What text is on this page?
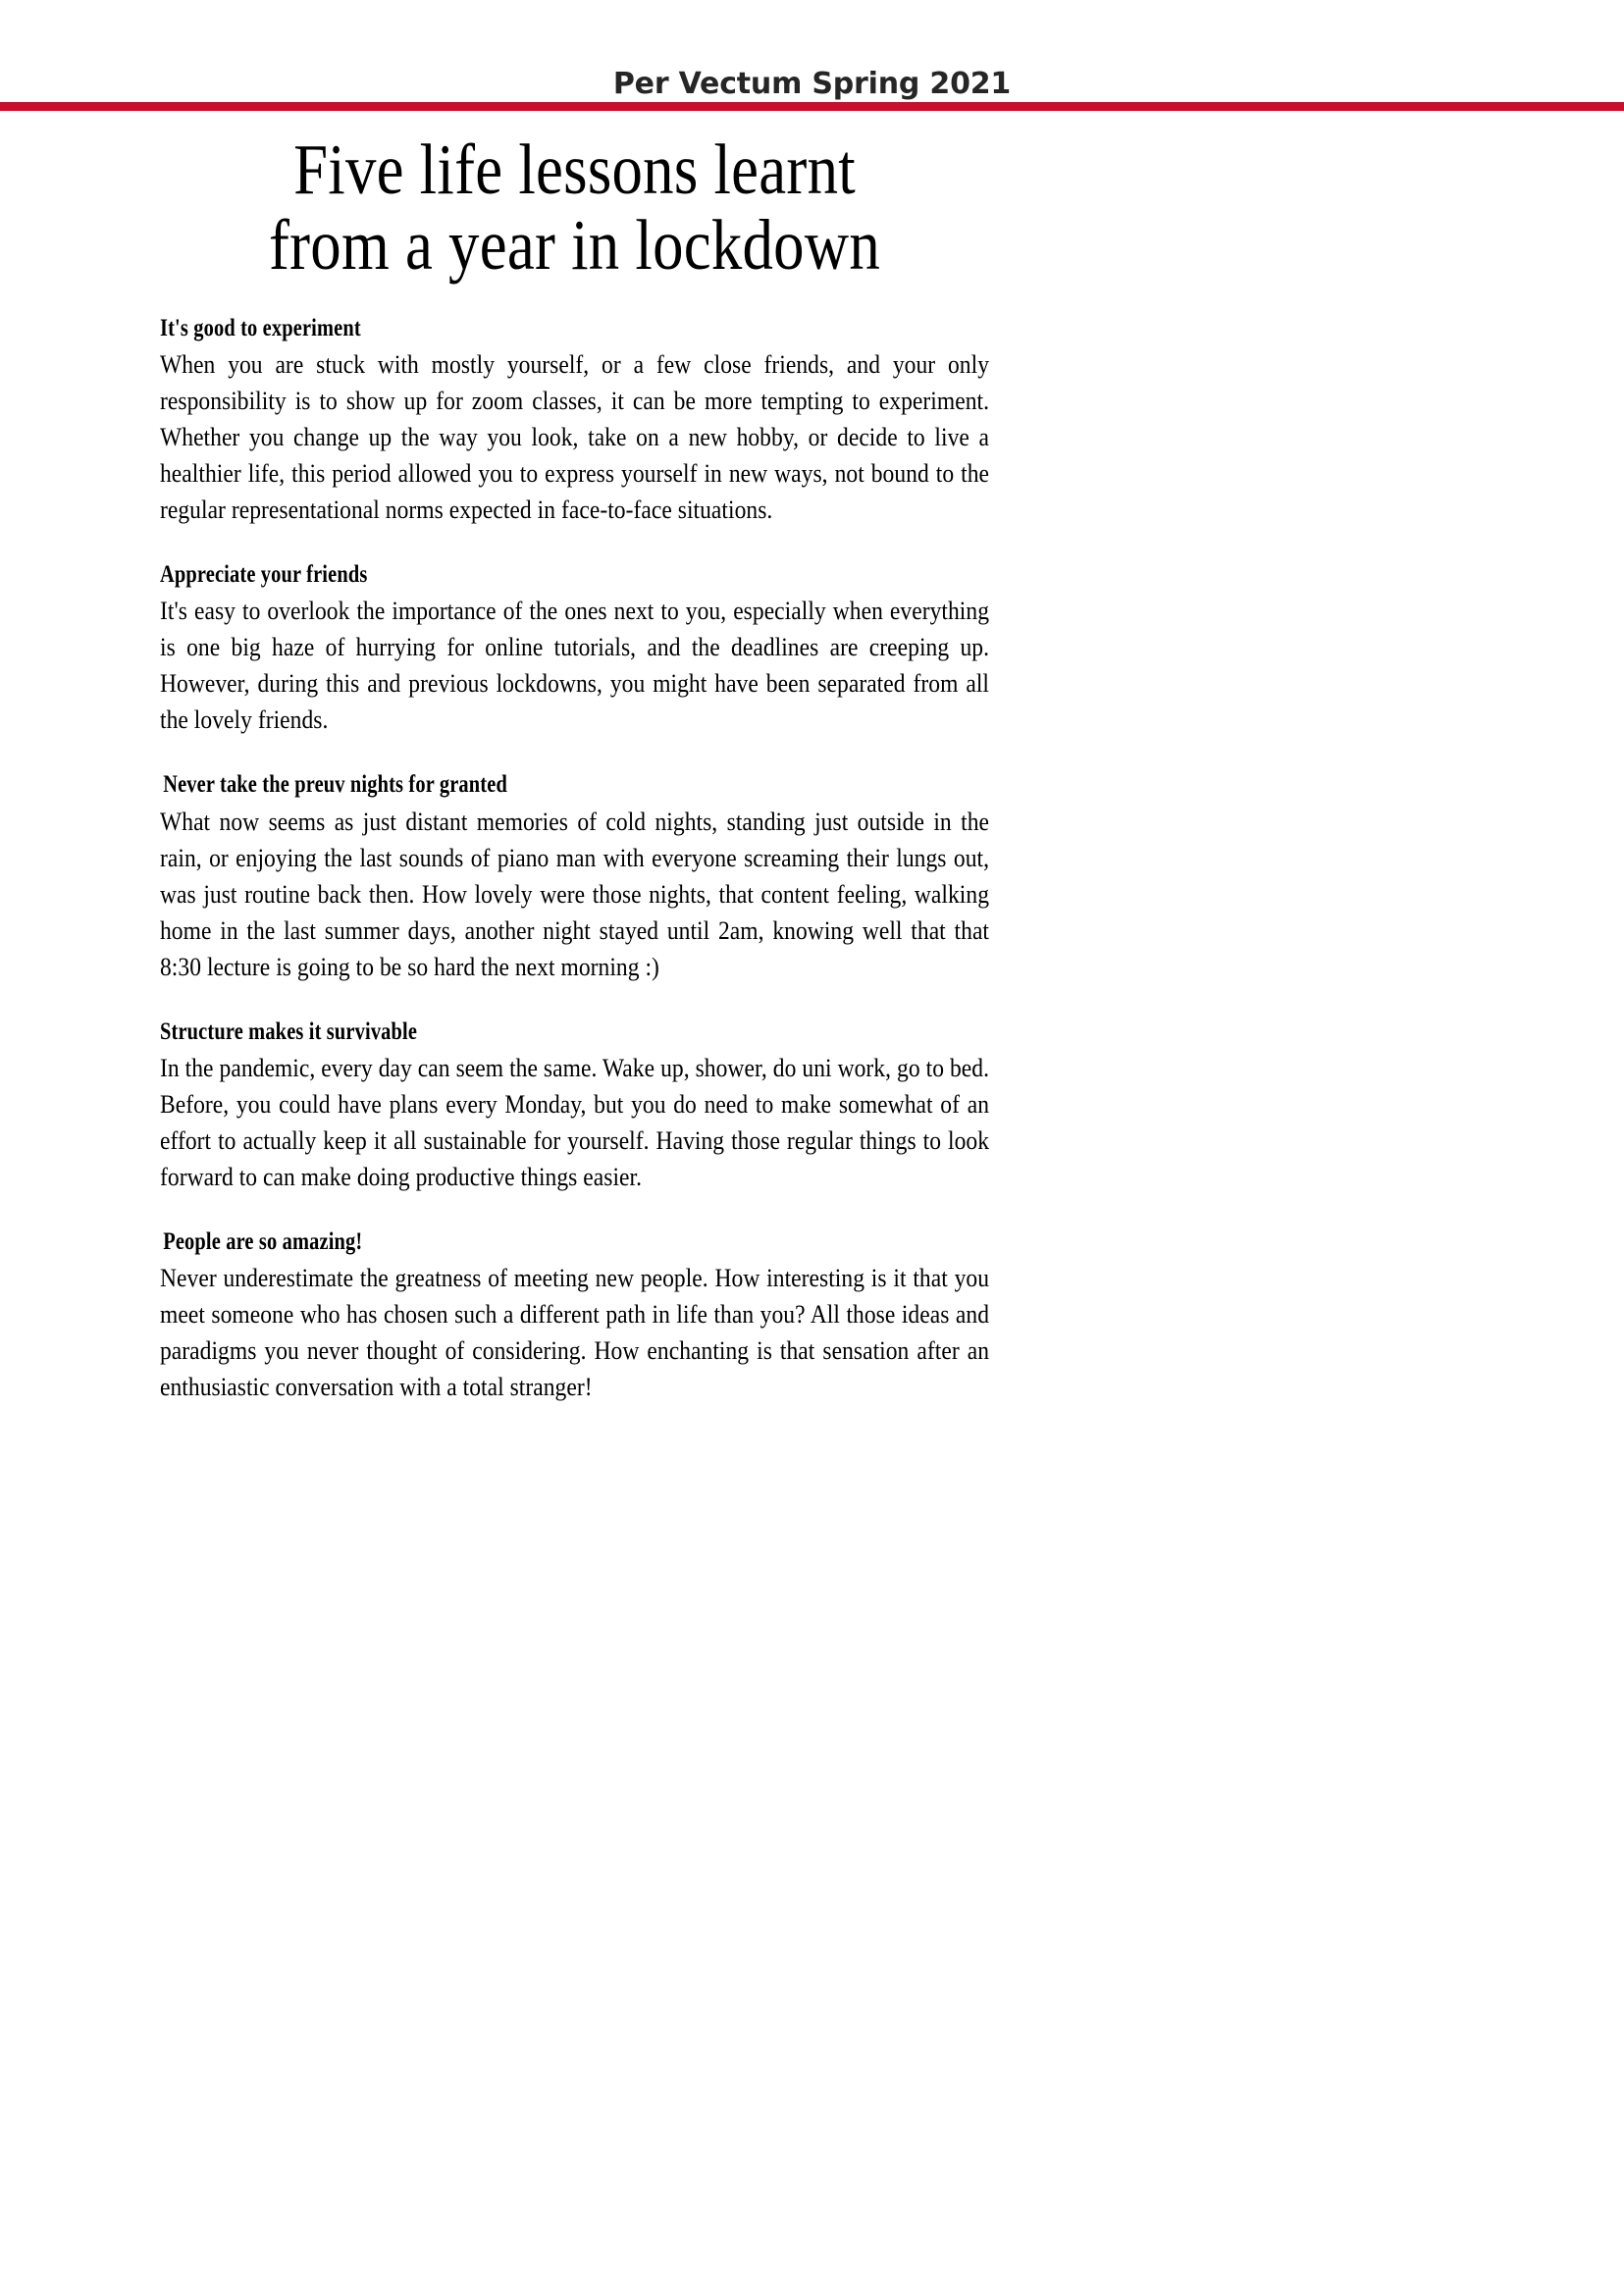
Per Vectum Spring 2021
Five life lessons learnt from a year in lockdown
It's good to experiment

When you are stuck with mostly yourself, or a few close friends, and your only responsibility is to show up for zoom classes, it can be more tempting to experiment. Whether you change up the way you look, take on a new hobby, or decide to live a healthier life, this period allowed you to express yourself in new ways, not bound to the regular representational norms expected in face-to-face situations.

Appreciate your friends

It's easy to overlook the importance of the ones next to you, especially when everything is one big haze of hurrying for online tutorials, and the deadlines are creeping up. However, during this and previous lockdowns, you might have been separated from all the lovely friends.

Never take the preuv nights for granted

What now seems as just distant memories of cold nights, standing just outside in the rain, or enjoying the last sounds of piano man with everyone screaming their lungs out, was just routine back then. How lovely were those nights, that content feeling, walking home in the last summer days, another night stayed until 2am, knowing well that that 8:30 lecture is going to be so hard the next morning :)

Structure makes it survivable

In the pandemic, every day can seem the same. Wake up, shower, do uni work, go to bed. Before, you could have plans every Monday, but you do need to make somewhat of an effort to actually keep it all sustainable for yourself. Having those regular things to look forward to can make doing productive things easier.

People are so amazing!

Never underestimate the greatness of meeting new people. How interesting is it that you meet someone who has chosen such a different path in life than you? All those ideas and paradigms you never thought of considering. How enchanting is that sensation after an enthusiastic conversation with a total stranger!
